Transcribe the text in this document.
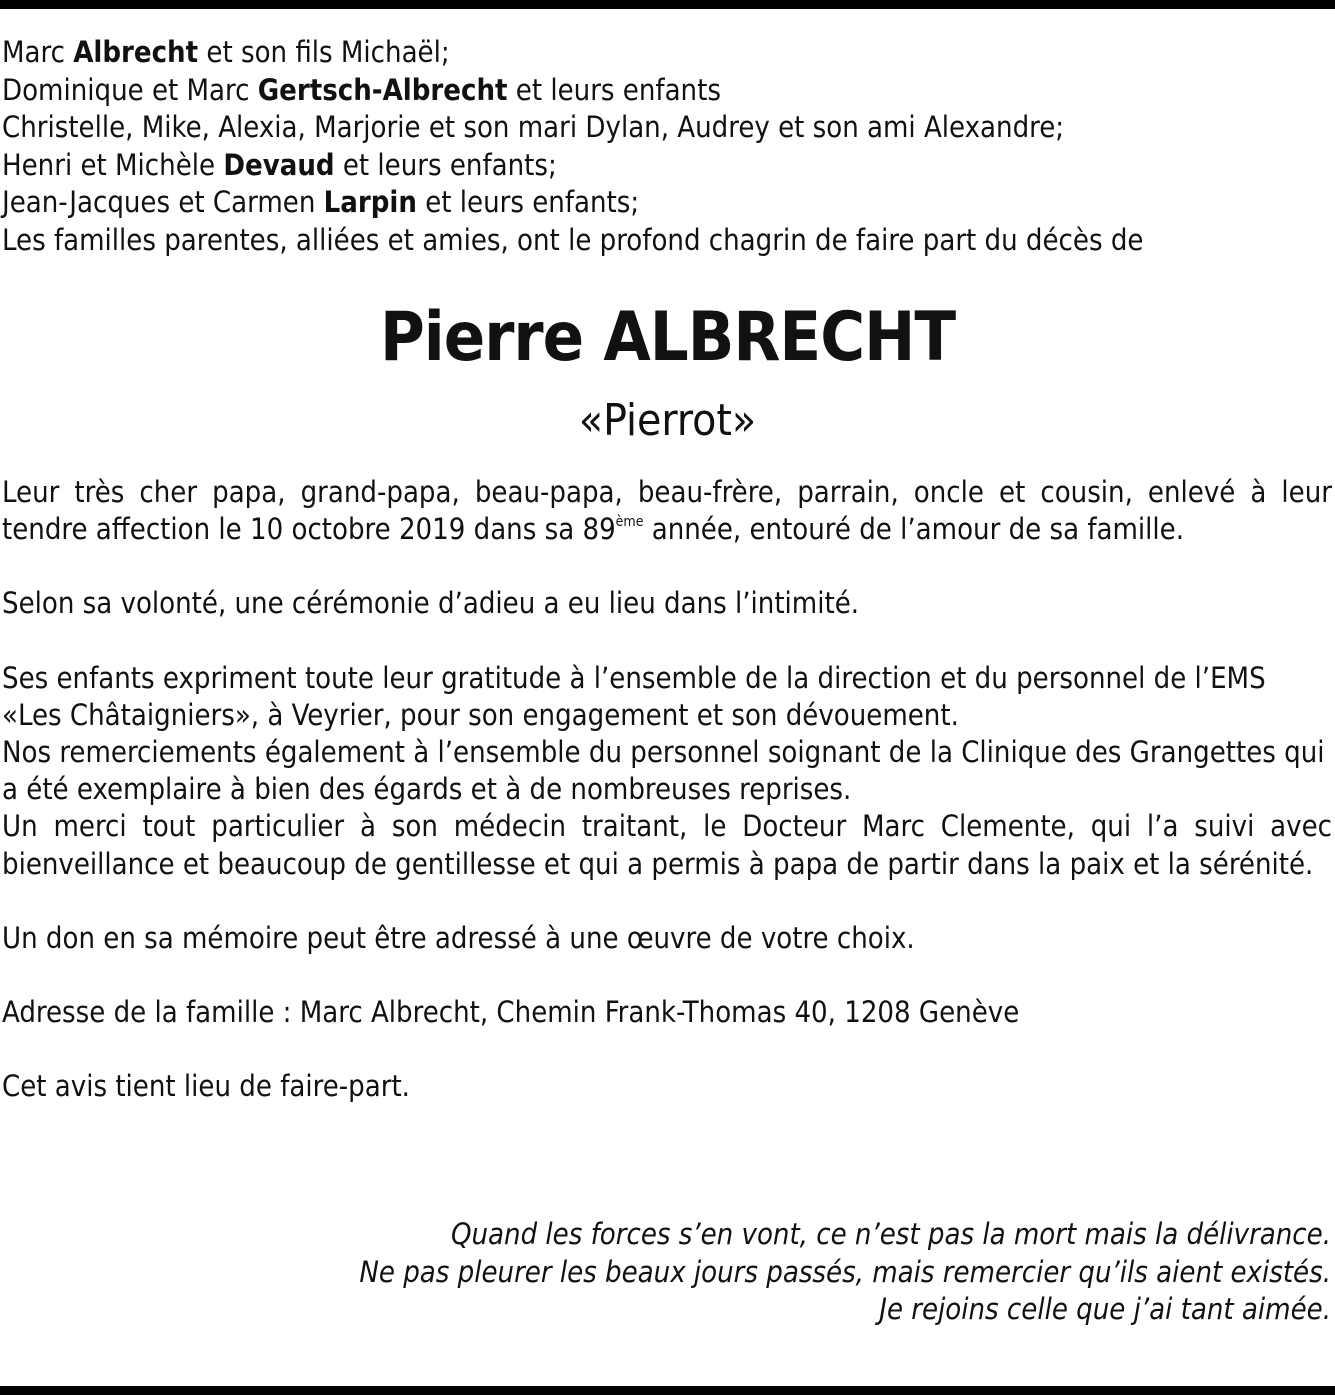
Marc Albrecht et son fils Michaël;
Dominique et Marc Gertsch-Albrecht et leurs enfants
Christelle, Mike, Alexia, Marjorie et son mari Dylan, Audrey et son ami Alexandre;
Henri et Michèle Devaud et leurs enfants;
Jean-Jacques et Carmen Larpin et leurs enfants;
Les familles parentes, alliées et amies, ont le profond chagrin de faire part du décès de
Pierre ALBRECHT
«Pierrot»

Leur très cher papa, grand-papa, beau-papa, beau-frère, parrain, oncle et cousin, enlevé à leur tendre affection le 10 octobre 2019 dans sa 89ème année, entouré de l’amour de sa famille.

Selon sa volonté, une cérémonie d’adieu a eu lieu dans l’intimité.

Ses enfants expriment toute leur gratitude à l’ensemble de la direction et du personnel de l’EMS «Les Châtaigniers», à Veyrier, pour son engagement et son dévouement.
Nos remerciements également à l’ensemble du personnel soignant de la Clinique des Grangettes qui a été exemplaire à bien des égards et à de nombreuses reprises.
Un merci tout particulier à son médecin traitant, le Docteur Marc Clemente, qui l’a suivi avec bienveillance et beaucoup de gentillesse et qui a permis à papa de partir dans la paix et la sérénité.

Un don en sa mémoire peut être adressé à une œuvre de votre choix.

Adresse de la famille : Marc Albrecht, Chemin Frank-Thomas 40, 1208 Genève

Cet avis tient lieu de faire-part.

Quand les forces s’en vont, ce n’est pas la mort mais la délivrance.
Ne pas pleurer les beaux jours passés, mais remercier qu’ils aient existés.
Je rejoins celle que j’ai tant aimée.
